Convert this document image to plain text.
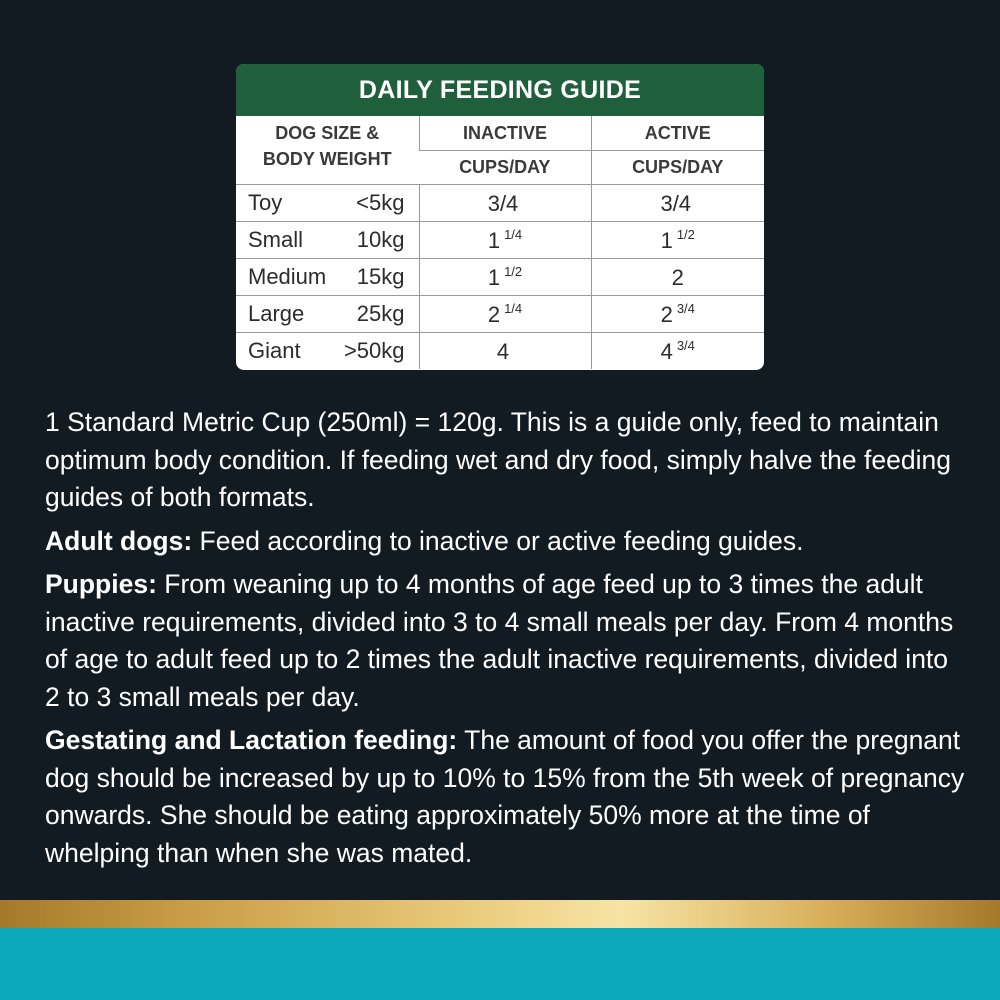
DAILY FEEDING GUIDE
DOG SIZE &
BODY WEIGHT	INACTIVE	ACTIVE
	CUPS/DAY	CUPS/DAY

Toy <5kg	3/4	3/4

Small 10kg	1 $^{1/4}$	1 $^{1/2}$

Medium 15kg	1 $^{1/2}$	2

Large 25kg	2 $^{1/4}$	2 $^{3/4}$

Giant >50kg	4	4 $^{3/4}$

1 Standard Metric Cup (250ml) = 120g. This is a guide only, feed to maintain optimum body condition. If feeding wet and dry food, simply halve the feeding guides of both formats.

Adult dogs: Feed according to inactive or active feeding guides.

Puppies: From weaning up to 4 months of age feed up to 3 times the adult inactive requirements, divided into 3 to 4 small meals per day. From 4 months of age to adult feed up to 2 times the adult inactive requirements, divided into 2 to 3 small meals per day.

Gestating and Lactation feeding: The amount of food you offer the pregnant dog should be increased by up to 10% to 15% from the 5th week of pregnancy onwards. She should be eating approximately 50% more at the time of whelping than when she was mated.
